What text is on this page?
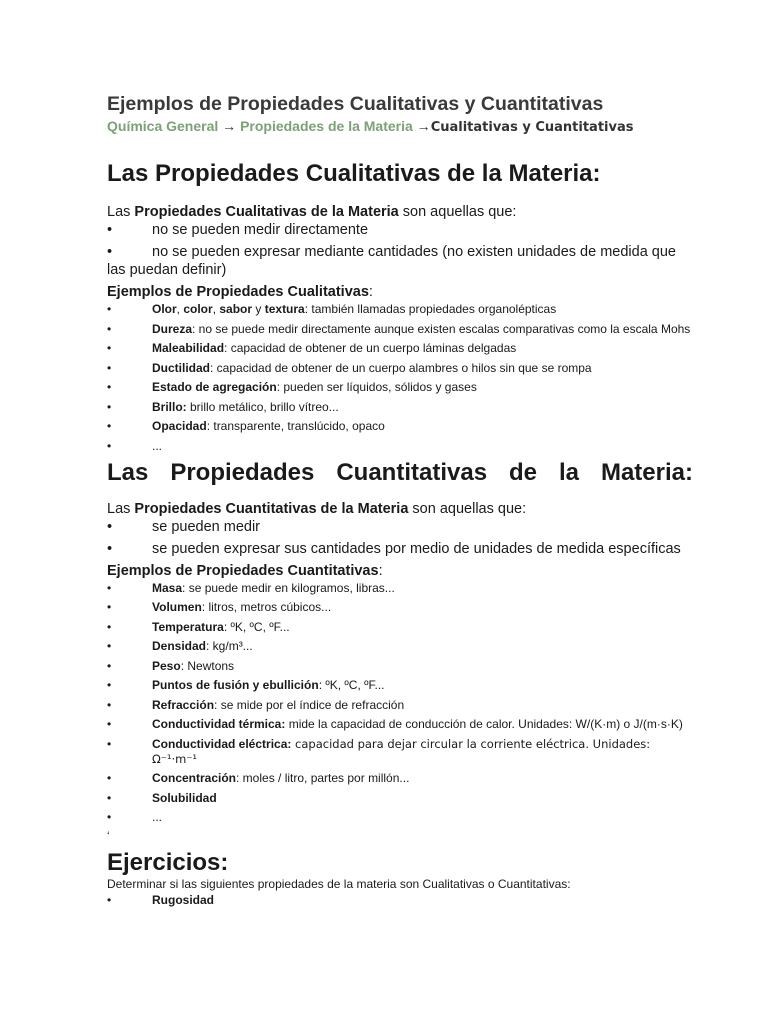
Ejemplos de Propiedades Cualitativas y Cuantitativas
Química General → Propiedades de la Materia →Cualitativas y Cuantitativas
Las Propiedades Cualitativas de la Materia:
Las Propiedades Cualitativas de la Materia son aquellas que:
•	no se pueden medir directamente
•	no se pueden expresar mediante cantidades (no existen unidades de medida que las puedan definir)
Ejemplos de Propiedades Cualitativas:
•	Olor, color, sabor y textura: también llamadas propiedades organolépticas
•	Dureza: no se puede medir directamente aunque existen escalas comparativas como la escala Mohs
•	Maleabilidad: capacidad de obtener de un cuerpo láminas delgadas
•	Ductilidad: capacidad de obtener de un cuerpo alambres o hilos sin que se rompa
•	Estado de agregación: pueden ser líquidos, sólidos y gases
•	Brillo: brillo metálico, brillo vítreo...
•	Opacidad: transparente, translúcido, opaco
•	...
Las Propiedades Cuantitativas de la Materia:
Las Propiedades Cuantitativas de la Materia son aquellas que:
•	se pueden medir
•	se pueden expresar sus cantidades por medio de unidades de medida específicas
Ejemplos de Propiedades Cuantitativas:
•	Masa: se puede medir en kilogramos, libras...
•	Volumen: litros, metros cúbicos...
•	Temperatura: ºK, ºC, ºF...
•	Densidad: kg/m³...
•	Peso: Newtons
•	Puntos de fusión y ebullición: ºK, ºC, ºF...
•	Refracción: se mide por el índice de refracción
•	Conductividad térmica: mide la capacidad de conducción de calor. Unidades: W/(K·m) o J/(m·s·K)
•	Conductividad eléctrica: capacidad para dejar circular la corriente eléctrica. Unidades: Ω⁻¹·m⁻¹
•	Concentración: moles / litro, partes por millón...
•	Solubilidad
•	...
‘
Ejercicios:
Determinar si las siguientes propiedades de la materia son Cualitativas o Cuantitativas:
•	Rugosidad
